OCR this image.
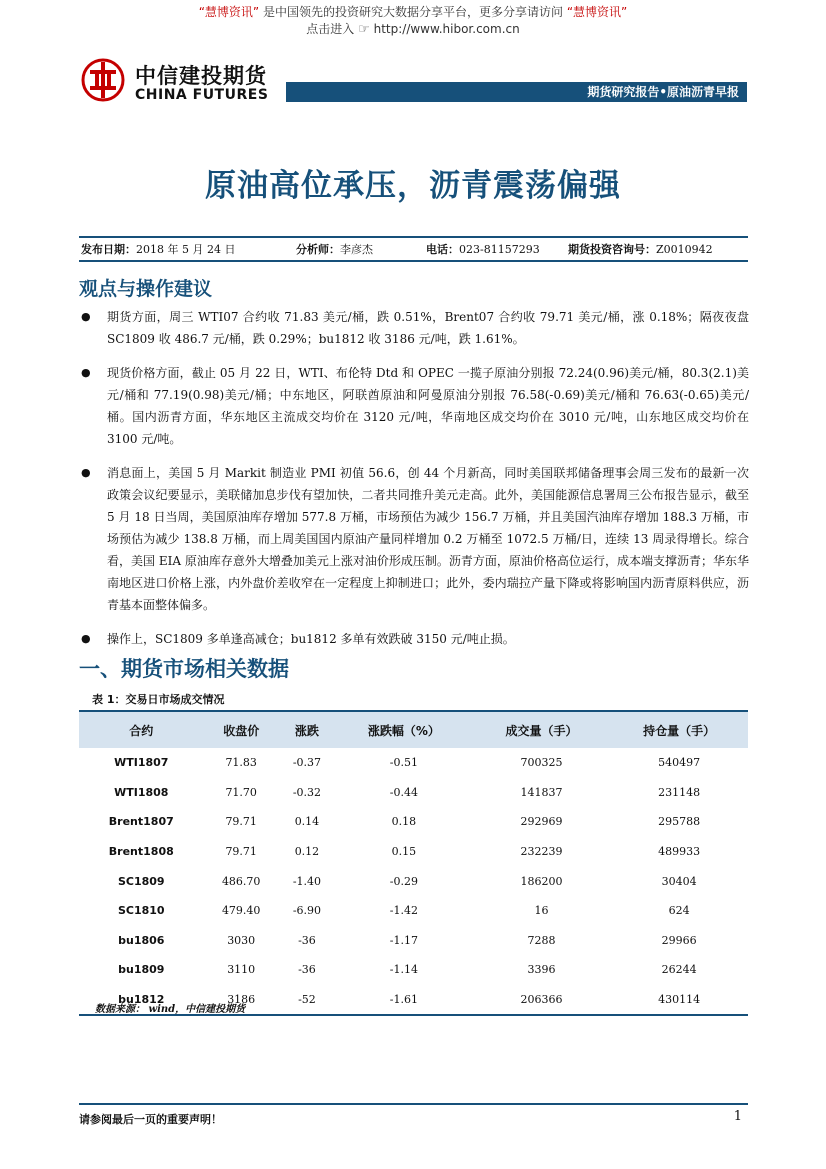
“慧博资讯” 是中国领先的投资研究大数据分享平台，更多分享请访问 “慧博资讯”
点击进入 ☞ http://www.hibor.com.cn
中信建投期货
CHINA FUTURES	期货研究报告•原油沥青早报
原油高位承压，沥青震荡偏强
发布日期：2018 年 5 月 24 日	分析师：李彦杰	电话：023-81157293	期货投资咨询号：Z0010942
观点与操作建议
● 期货方面，周三 WTI07 合约收 71.83 美元/桶，跌 0.51%，Brent07 合约收 79.71 美元/桶，涨 0.18%；隔夜夜盘 SC1809 收 486.7 元/桶，跌 0.29%；bu1812 收 3186 元/吨，跌 1.61%。
● 现货价格方面，截止 05 月 22 日，WTI、布伦特 Dtd 和 OPEC 一揽子原油分别报 72.24(0.96)美元/桶，80.3(2.1)美元/桶和 77.19(0.98)美元/桶；中东地区，阿联酋原油和阿曼原油分别报 76.58(-0.69)美元/桶和 76.63(-0.65)美元/桶。国内沥青方面，华东地区主流成交均价在 3120 元/吨，华南地区成交均价在 3010 元/吨，山东地区成交均价在 3100 元/吨。
● 消息面上，美国 5 月 Markit 制造业 PMI 初值 56.6，创 44 个月新高，同时美国联邦储备理事会周三发布的最新一次政策会议纪要显示，美联储加息步伐有望加快，二者共同推升美元走高。此外，美国能源信息署周三公布报告显示，截至 5 月 18 日当周，美国原油库存增加 577.8 万桶，市场预估为减少 156.7 万桶，并且美国汽油库存增加 188.3 万桶，市场预估为减少 138.8 万桶，而上周美国国内原油产量同样增加 0.2 万桶至 1072.5 万桶/日，连续 13 周录得增长。综合看，美国 EIA 原油库存意外大增叠加美元上涨对油价形成压制。沥青方面，原油价格高位运行，成本端支撑沥青；华东华南地区进口价格上涨，内外盘价差收窄在一定程度上抑制进口；此外，委内瑞拉产量下降或将影响国内沥青原料供应，沥青基本面整体偏多。
● 操作上，SC1809 多单逢高减仓；bu1812 多单有效跌破 3150 元/吨止损。
一、期货市场相关数据
表 1：交易日市场成交情况
合约	收盘价	涨跌	涨跌幅（%）	成交量（手）	持仓量（手）
WTI1807	71.83	-0.37	-0.51	700325	540497
WTI1808	71.70	-0.32	-0.44	141837	231148
Brent1807	79.71	0.14	0.18	292969	295788
Brent1808	79.71	0.12	0.15	232239	489933
SC1809	486.70	-1.40	-0.29	186200	30404
SC1810	479.40	-6.90	-1.42	16	624
bu1806	3030	-36	-1.17	7288	29966
bu1809	3110	-36	-1.14	3396	26244
bu1812	3186	-52	-1.61	206366	430114
数据来源： wind，中信建投期货
请参阅最后一页的重要声明！	1
